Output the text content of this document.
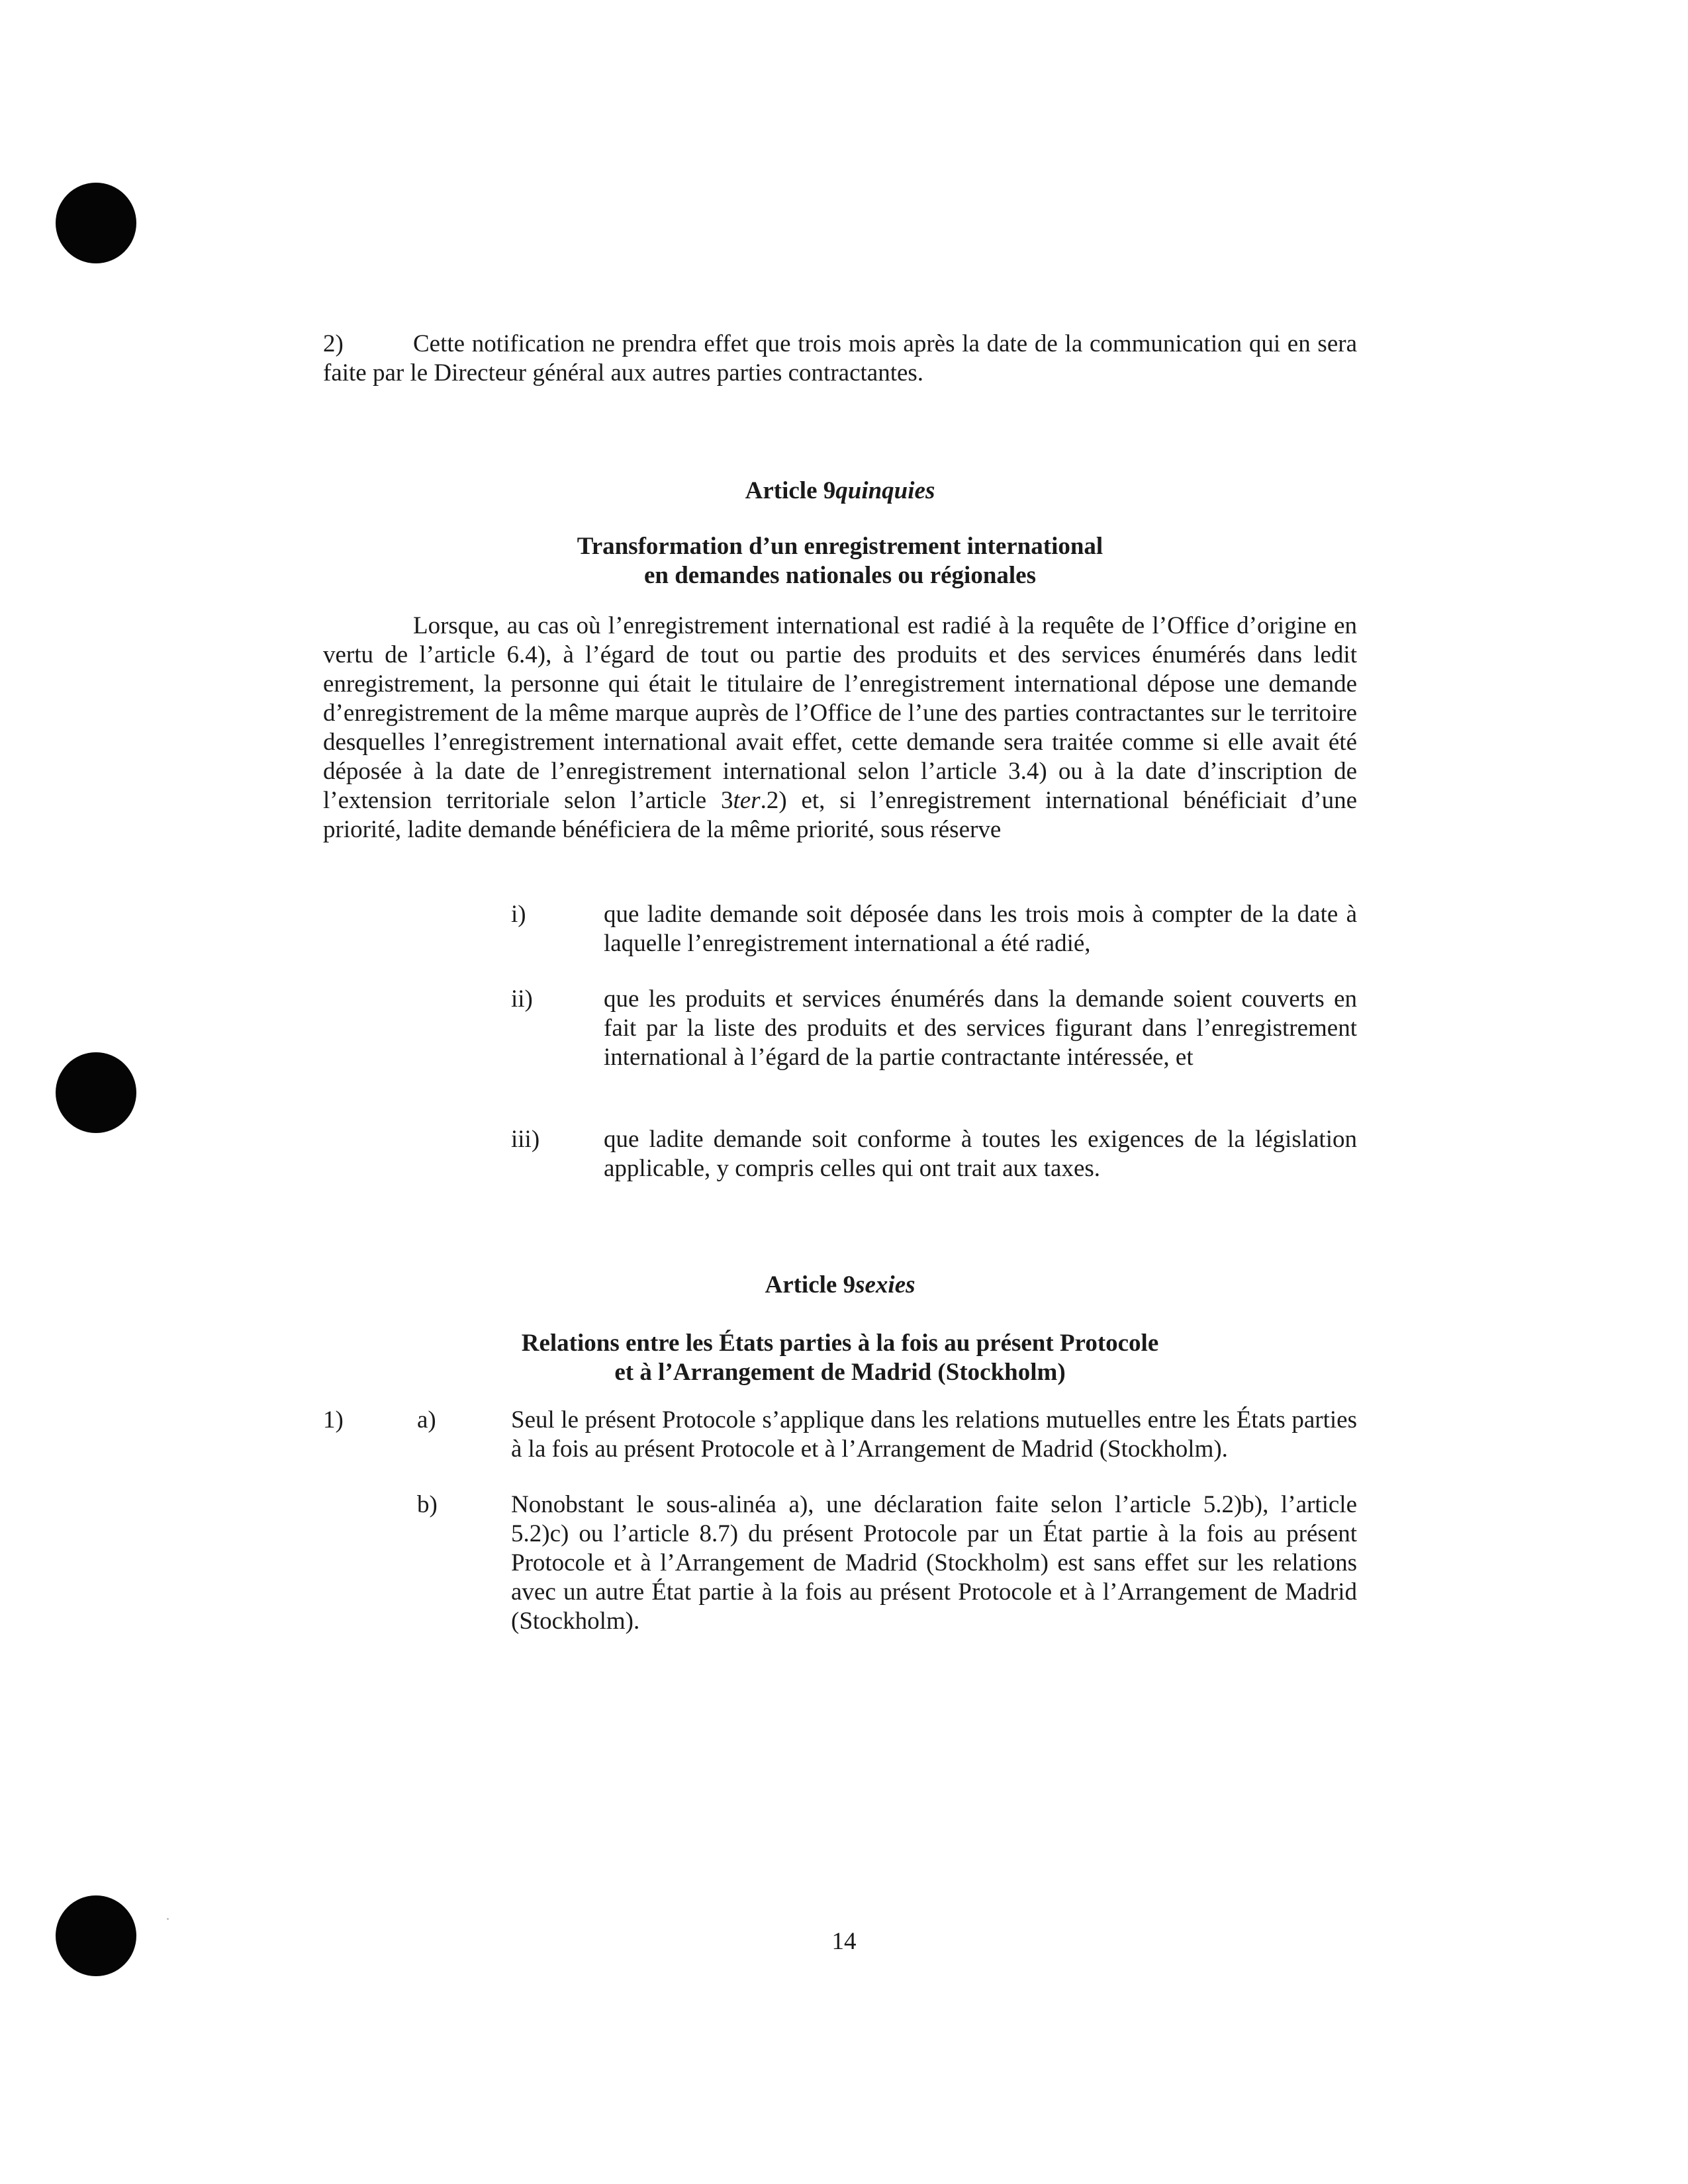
2)	Cette notification ne prendra effet que trois mois après la date de la communication qui en sera faite par le Directeur général aux autres parties contractantes.
Article 9quinquies
Transformation d’un enregistrement international
en demandes nationales ou régionales
Lorsque, au cas où l’enregistrement international est radié à la requête de l’Office d’origine en vertu de l’article 6.4), à l’égard de tout ou partie des produits et des services énumérés dans ledit enregistrement, la personne qui était le titulaire de l’enregistrement international dépose une demande d’enregistrement de la même marque auprès de l’Office de l’une des parties contractantes sur le territoire desquelles l’enregistrement international avait effet, cette demande sera traitée comme si elle avait été déposée à la date de l’enregistrement international selon l’article 3.4) ou à la date d’inscription de l’extension territoriale selon l’article 3ter.2) et, si l’enregistrement international bénéficiait d’une priorité, ladite demande bénéficiera de la même priorité, sous réserve
i)	que ladite demande soit déposée dans les trois mois à compter de la date à laquelle l’enregistrement international a été radié,
ii)	que les produits et services énumérés dans la demande soient couverts en fait par la liste des produits et des services figurant dans l’enregistrement international à l’égard de la partie contractante intéressée, et
iii)	que ladite demande soit conforme à toutes les exigences de la législation applicable, y compris celles qui ont trait aux taxes.
Article 9sexies
Relations entre les États parties à la fois au présent Protocole
et à l’Arrangement de Madrid (Stockholm)
1)	a)	Seul le présent Protocole s’applique dans les relations mutuelles entre les États parties à la fois au présent Protocole et à l’Arrangement de Madrid (Stockholm).
b)	Nonobstant le sous-alinéa a), une déclaration faite selon l’article 5.2)b), l’article 5.2)c) ou l’article 8.7) du présent Protocole par un État partie à la fois au présent Protocole et à l’Arrangement de Madrid (Stockholm) est sans effet sur les relations avec un autre État partie à la fois au présent Protocole et à l’Arrangement de Madrid (Stockholm).
14
